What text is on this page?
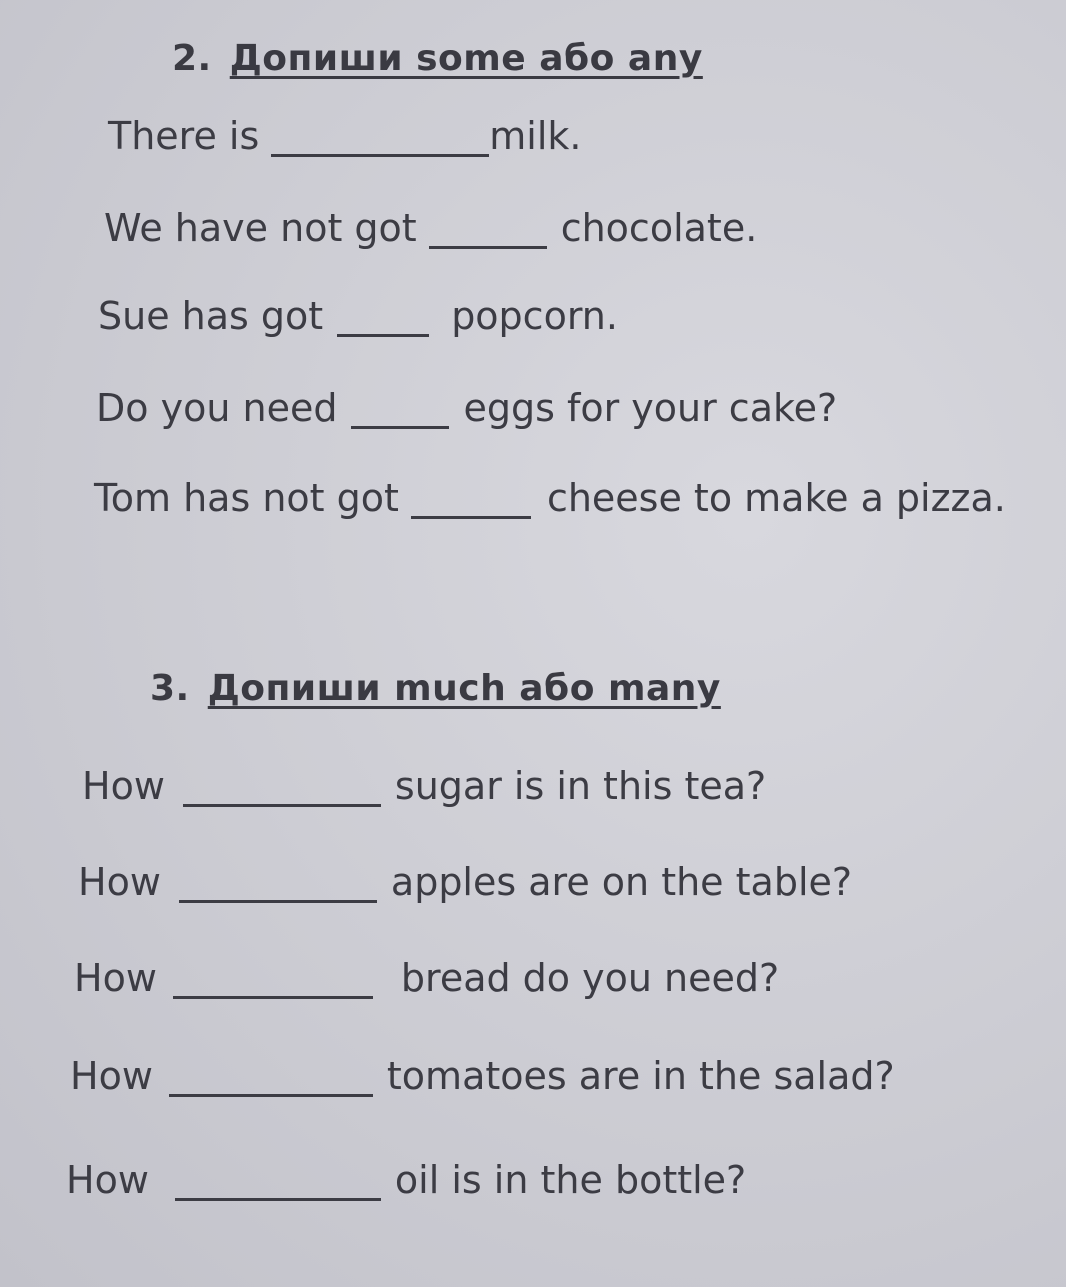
2. Допиши some або any
There is	milk.
We have not got	chocolate.
Sue has got	popcorn.
Do you need	eggs for your cake?
Tom has not got	cheese to make a pizza.
3. Допиши much або many
How	sugar is in this tea?
How	apples are on the table?
How	bread do you need?
How	tomatoes are in the salad?
How	oil is in the bottle?
